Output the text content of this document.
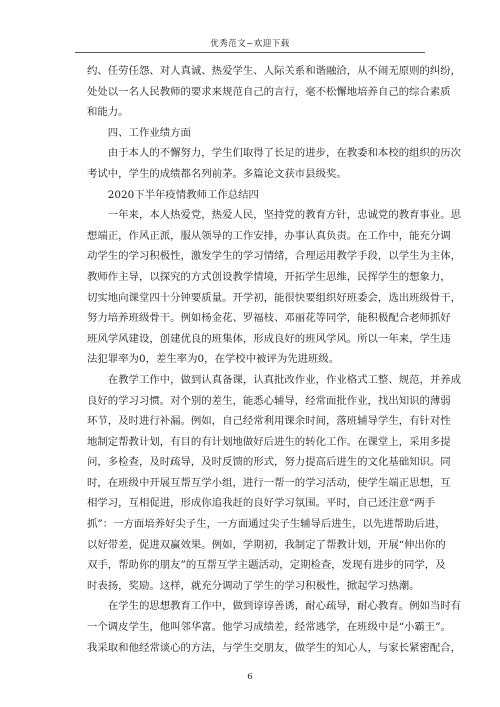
优秀范文~欢迎下载
约、任劳任怨、对人真诚、热爱学生、人际关系和谐融洽，从不闹无原则的纠纷，
处处以一名人民教师的要求来规范自己的言行，毫不松懈地培养自己的综合素质
和能力。
　　四、工作业绩方面
　　由于本人的不懈努力，学生们取得了长足的进步，在教委和本校的组织的历次
考试中，学生的成绩都名列前茅。多篇论文获市县级奖。
　　2020下半年疫情教师工作总结四
　　一年来，本人热爱党，热爱人民，坚持党的教育方针，忠诚党的教育事业。思
想端正，作风正派，服从领导的工作安排，办事认真负责。在工作中，能充分调
动学生的学习积极性，激发学生的学习情绪，合理运用教学手段，以学生为主体，
教师作主导，以探究的方式创设教学情境，开拓学生思维，民挥学生的想象力，
切实地向课堂四十分钟要质量。开学初，能很快要组织好班委会，选出班级骨干，
努力培养班级骨干。例如杨金花、罗福枝、邓丽花等同学，能积极配合老师抓好
班风学风建设，创建优良的班集体，形成良好的班风学风。所以一年来，学生违
法犯罪率为0，差生率为0，在学校中被评为先进班级。
　　在教学工作中，做到认真备课，认真批改作业，作业格式工整、规范，并养成
良好的学习习惯。对个别的差生，能悉心辅导，经常面批作业，找出知识的薄弱
环节，及时进行补漏。例如，自己经常利用课余时间，落班辅导学生，有针对性
地制定帮教计划，有目的有计划地做好后进生的转化工作。在课堂上，采用多提
问，多检查，及时疏导，及时反馈的形式，努力提高后进生的文化基础知识。同
时，在班级中开展互帮互学小组，进行一帮一的学习活动，使学生端正思想，互
相学习，互相促进，形成你追我赶的良好学习氛围。平时，自己还注意“两手
抓”：一方面培养好尖子生，一方面通过尖子生辅导后进生，以先进帮助后进，
以好带差，促进双赢效果。例如，学期初，我制定了帮教计划，开展“伸出你的
双手，帮助你的朋友”的互帮互学主题活动，定期检查，发现有进步的同学，及
时表扬，奖励。这样，就充分调动了学生的学习积极性，掀起学习热潮。
　　在学生的思想教育工作中，做到谆谆善诱，耐心疏导，耐心教育。例如当时有
一个调皮学生，他叫邻华富。他学习成绩差，经常逃学，在班级中是“小霸王”。
我采取和他经常谈心的方法，与学生交朋友，做学生的知心人，与家长紧密配合，
6
